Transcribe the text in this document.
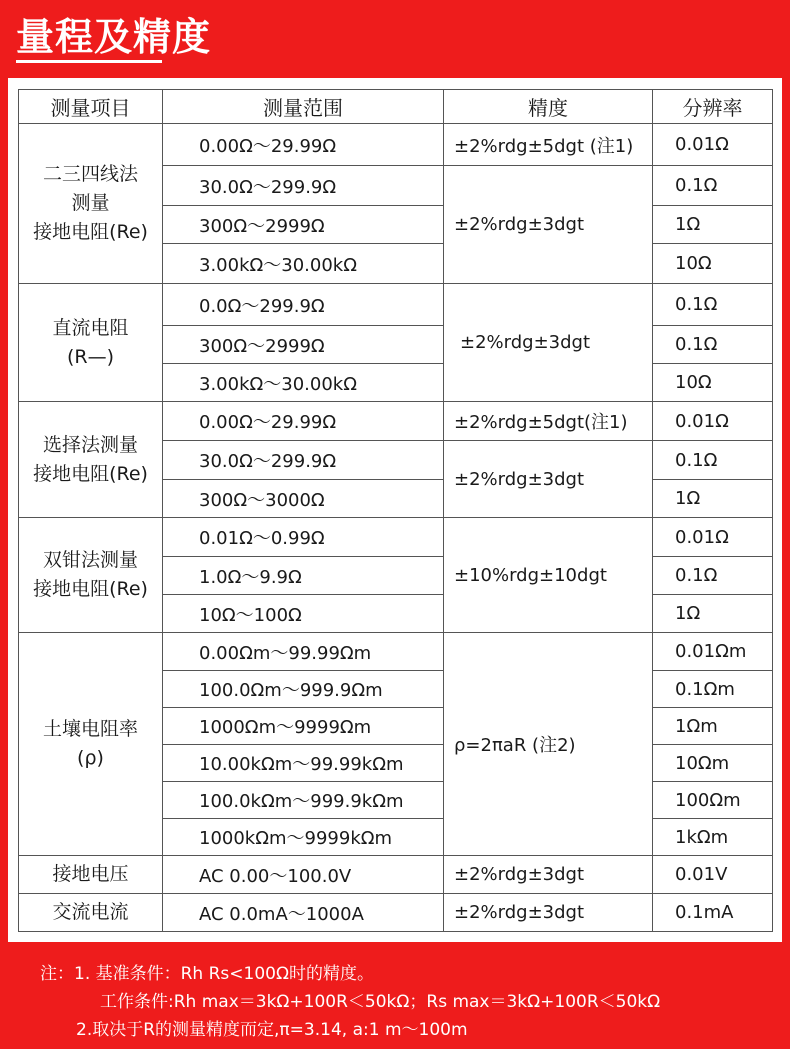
量程及精度
测量项目	测量范围	精度	分辨率

二三四线法
测量
接地电阻(Re)	0.00Ω～29.99Ω	±2%rdg±5dgt (注1)	0.01Ω
	30.0Ω～299.9Ω	±2%rdg±3dgt	0.1Ω
	300Ω～2999Ω		1Ω
	3.00kΩ～30.00kΩ		10Ω

直流电阻
(R—)	0.0Ω～299.9Ω	±2%rdg±3dgt	0.1Ω
	300Ω～2999Ω		0.1Ω
	3.00kΩ～30.00kΩ		10Ω

选择法测量
接地电阻(Re)	0.00Ω～29.99Ω	±2%rdg±5dgt(注1)	0.01Ω
	30.0Ω～299.9Ω	±2%rdg±3dgt	0.1Ω
	300Ω～3000Ω		1Ω

双钳法测量
接地电阻(Re)	0.01Ω～0.99Ω	±10%rdg±10dgt	0.01Ω
	1.0Ω～9.9Ω		0.1Ω
	10Ω～100Ω		1Ω

土壤电阻率
(ρ)	0.00Ωm～99.99Ωm	ρ=2πaR (注2)	0.01Ωm
	100.0Ωm～999.9Ωm		0.1Ωm
	1000Ωm～9999Ωm		1Ωm
	10.00kΩm～99.99kΩm		10Ωm
	100.0kΩm～999.9kΩm		100Ωm
	1000kΩm～9999kΩm		1kΩm
接地电压	AC 0.00～100.0V	±2%rdg±3dgt	0.01V
交流电流	AC 0.0mA～1000A	±2%rdg±3dgt	0.1mA
注：1. 基准条件：Rh Rs<100Ω时的精度。
工作条件:Rh max＝3kΩ+100R＜50kΩ；Rs max＝3kΩ+100R＜50kΩ
2.取决于R的测量精度而定,π=3.14, a:1 m～100m
